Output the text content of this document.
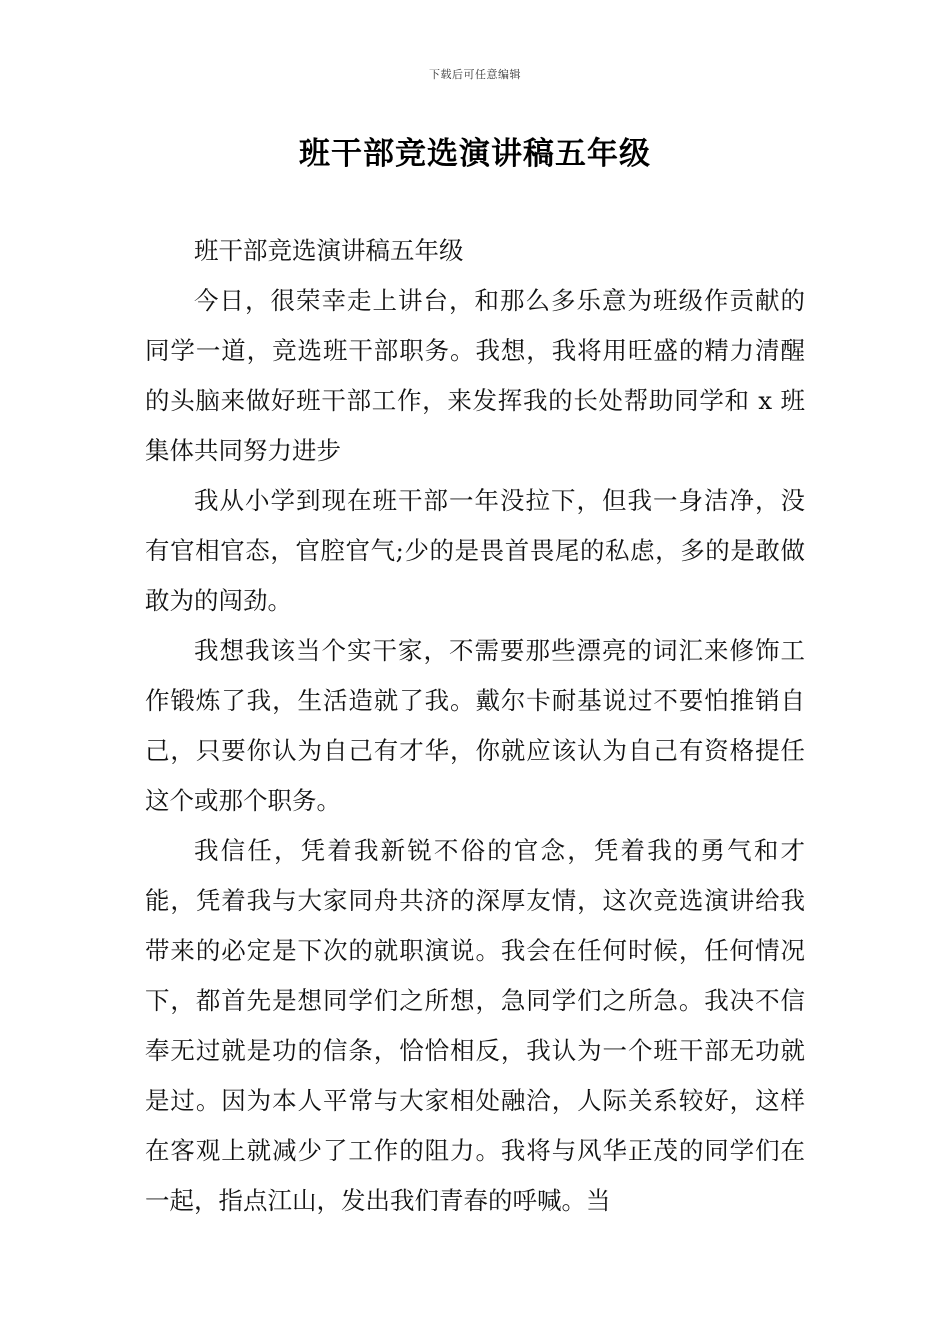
下载后可任意编辑
班干部竞选演讲稿五年级

班干部竞选演讲稿五年级

今日，很荣幸走上讲台，和那么多乐意为班级作贡献的同学一道，竞选班干部职务。我想，我将用旺盛的精力清醒的头脑来做好班干部工作，来发挥我的长处帮助同学和 x 班集体共同努力进步

我从小学到现在班干部一年没拉下，但我一身洁净，没有官相官态，官腔官气;少的是畏首畏尾的私虑，多的是敢做敢为的闯劲。

我想我该当个实干家，不需要那些漂亮的词汇来修饰工作锻炼了我，生活造就了我。戴尔卡耐基说过不要怕推销自己，只要你认为自己有才华，你就应该认为自己有资格提任这个或那个职务。

我信任，凭着我新锐不俗的官念，凭着我的勇气和才能，凭着我与大家同舟共济的深厚友情，这次竞选演讲给我带来的必定是下次的就职演说。我会在任何时候，任何情况下，都首先是想同学们之所想，急同学们之所急。我决不信奉无过就是功的信条，恰恰相反，我认为一个班干部无功就是过。因为本人平常与大家相处融洽，人际关系较好，这样在客观上就减少了工作的阻力。我将与风华正茂的同学们在一起，指点江山，发出我们青春的呼喊。当
